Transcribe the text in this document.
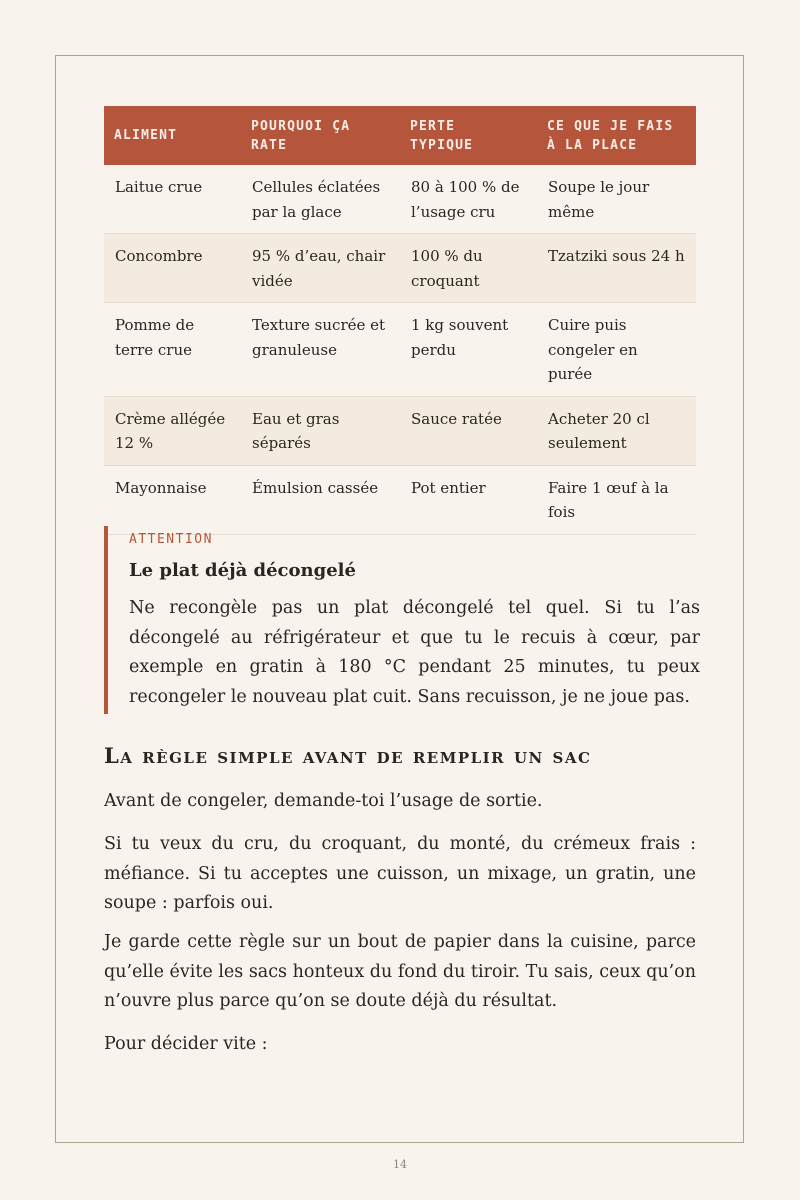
ALIMENT	POURQUOI ÇA RATE	PERTE TYPIQUE	CE QUE JE FAIS À LA PLACE
Laitue crue	Cellules éclatées par la glace	80 à 100 % de l’usage cru	Soupe le jour même
Concombre	95 % d’eau, chair vidée	100 % du croquant	Tzatziki sous 24 h
Pomme de terre crue	Texture sucrée et granuleuse	1 kg souvent perdu	Cuire puis congeler en purée
Crème allégée 12 %	Eau et gras séparés	Sauce ratée	Acheter 20 cl seulement
Mayonnaise	Émulsion cassée	Pot entier	Faire 1 œuf à la fois
ATTENTION
Le plat déjà décongelé
Ne recongèle pas un plat décongelé tel quel. Si tu l’as décongelé au réfrigérateur et que tu le recuis à cœur, par exemple en gratin à 180 °C pendant 25 minutes, tu peux recongeler le nouveau plat cuit. Sans recuisson, je ne joue pas.
La règle simple avant de remplir un sac

Avant de congeler, demande-toi l’usage de sortie.

Si tu veux du cru, du croquant, du monté, du crémeux frais : méfiance. Si tu acceptes une cuisson, un mixage, un gratin, une soupe : parfois oui.

Je garde cette règle sur un bout de papier dans la cuisine, parce qu’elle évite les sacs honteux du fond du tiroir. Tu sais, ceux qu’on n’ouvre plus parce qu’on se doute déjà du résultat.

Pour décider vite :

14
